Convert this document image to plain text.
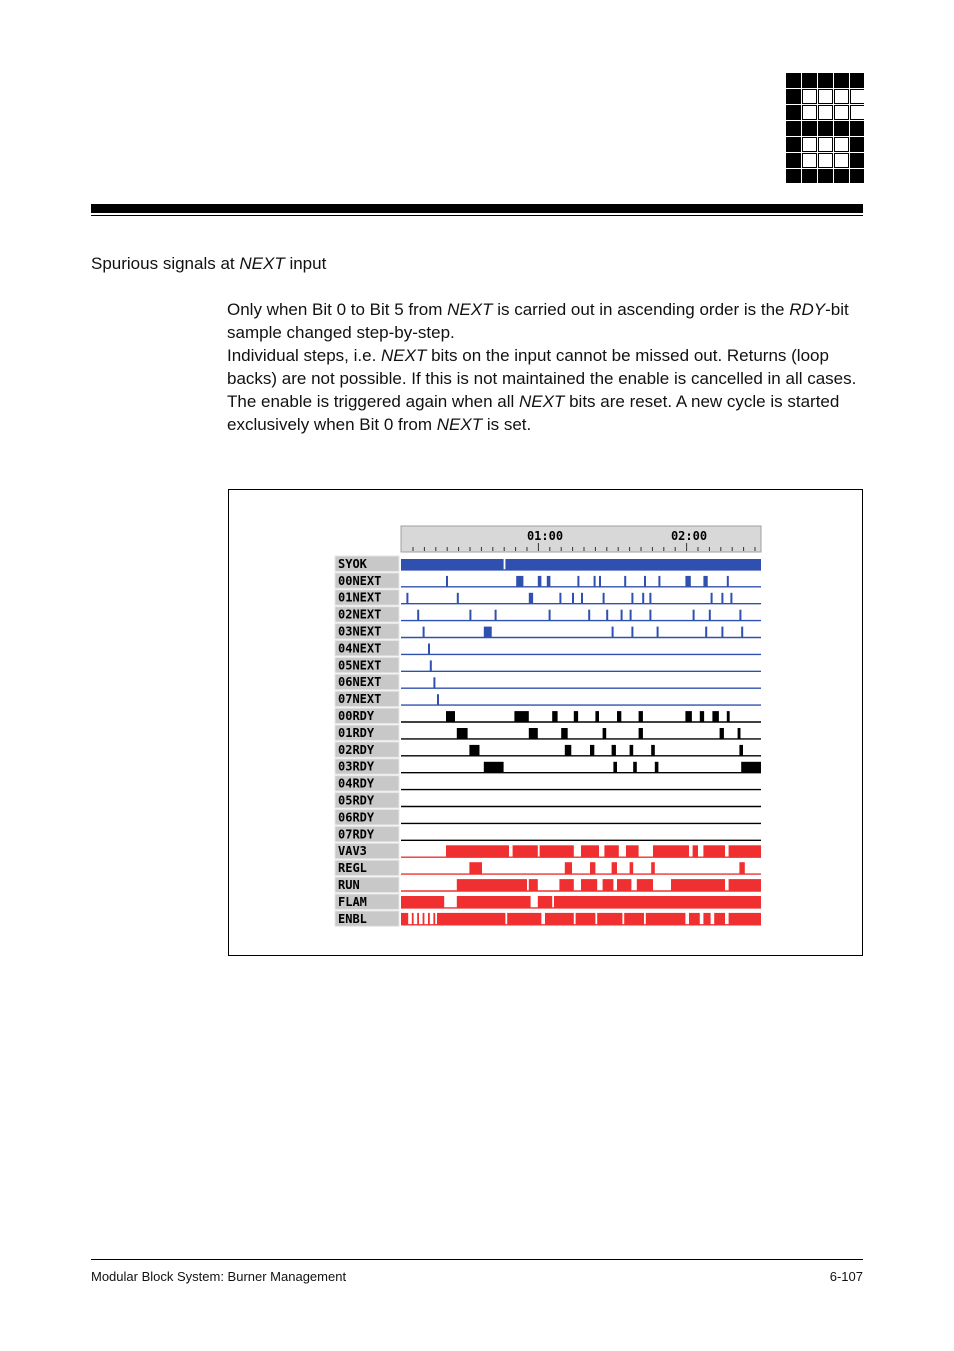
Spurious signals at NEXT input

Only when Bit 0 to Bit 5 from NEXT is carried out in ascending order is the RDY-bit sample changed step-by-step.

Individual steps, i.e. NEXT bits on the input cannot be missed out. Returns (loop backs) are not possible. If this is not maintained the enable is cancelled in all cases. The enable is triggered again when all NEXT bits are reset. A new cycle is started exclusively when Bit 0 from NEXT is set.

01:00	02:00
SYOK
00NEXT
01NEXT
02NEXT
03NEXT
04NEXT
05NEXT
06NEXT
07NEXT
00RDY
01RDY
02RDY
03RDY
04RDY
05RDY
06RDY
07RDY
VAV3
REGL
RUN
FLAM
ENBL
Modular Block System: Burner Management	6-107
